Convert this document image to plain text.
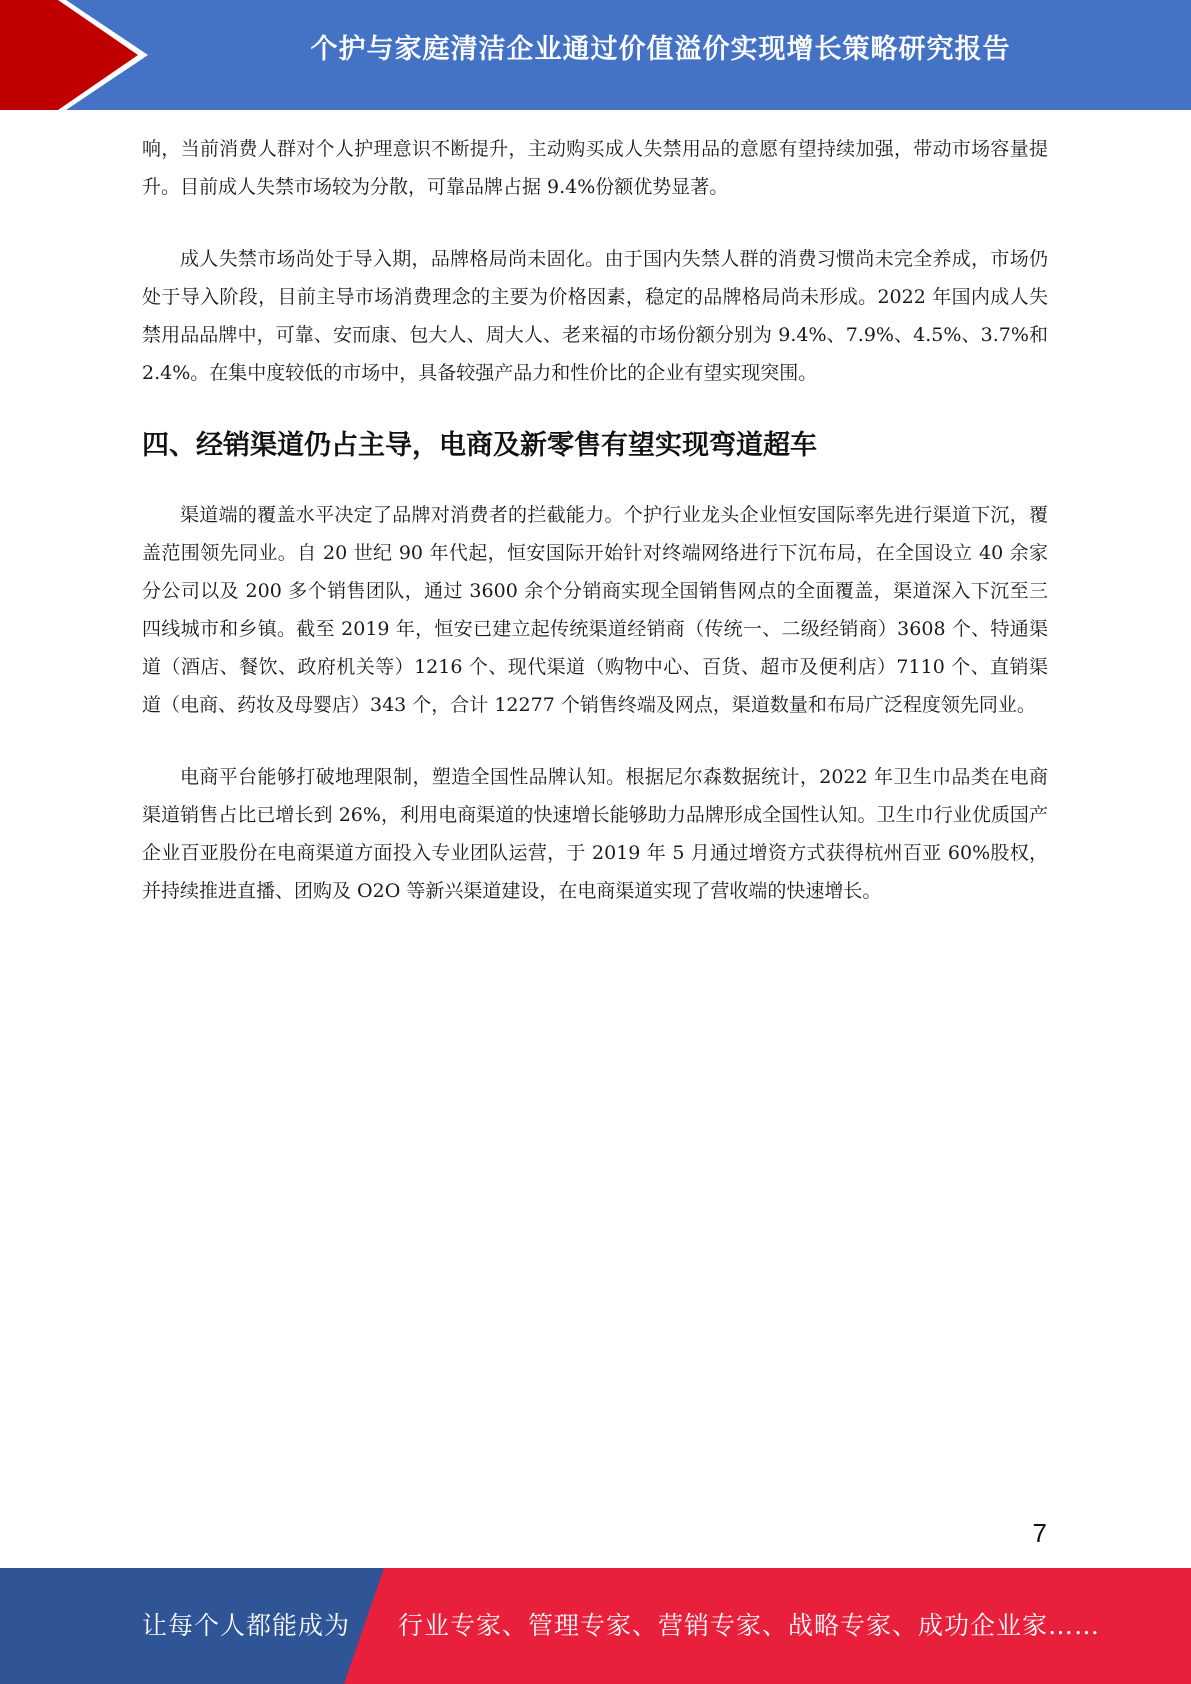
个护与家庭清洁企业通过价值溢价实现增长策略研究报告

响，当前消费人群对个人护理意识不断提升，主动购买成人失禁用品的意愿有望持续加强，带动市场容量提升。目前成人失禁市场较为分散，可靠品牌占据 9.4%份额优势显著。

成人失禁市场尚处于导入期，品牌格局尚未固化。由于国内失禁人群的消费习惯尚未完全养成，市场仍处于导入阶段，目前主导市场消费理念的主要为价格因素，稳定的品牌格局尚未形成。2022 年国内成人失禁用品品牌中，可靠、安而康、包大人、周大人、老来福的市场份额分别为 9.4%、7.9%、4.5%、3.7%和 2.4%。在集中度较低的市场中，具备较强产品力和性价比的企业有望实现突围。

四、经销渠道仍占主导，电商及新零售有望实现弯道超车

渠道端的覆盖水平决定了品牌对消费者的拦截能力。个护行业龙头企业恒安国际率先进行渠道下沉，覆盖范围领先同业。自 20 世纪 90 年代起，恒安国际开始针对终端网络进行下沉布局，在全国设立 40 余家分公司以及 200 多个销售团队，通过 3600 余个分销商实现全国销售网点的全面覆盖，渠道深入下沉至三四线城市和乡镇。截至 2019 年，恒安已建立起传统渠道经销商（传统一、二级经销商）3608 个、特通渠道（酒店、餐饮、政府机关等）1216 个、现代渠道（购物中心、百货、超市及便利店）7110 个、直销渠道（电商、药妆及母婴店）343 个，合计 12277 个销售终端及网点，渠道数量和布局广泛程度领先同业。

电商平台能够打破地理限制，塑造全国性品牌认知。根据尼尔森数据统计，2022 年卫生巾品类在电商渠道销售占比已增长到 26%，利用电商渠道的快速增长能够助力品牌形成全国性认知。卫生巾行业优质国产企业百亚股份在电商渠道方面投入专业团队运营，于 2019 年 5 月通过增资方式获得杭州百亚 60%股权，并持续推进直播、团购及 O2O 等新兴渠道建设，在电商渠道实现了营收端的快速增长。

7
让每个人都能成为 行业专家、管理专家、营销专家、战略专家、成功企业家……
